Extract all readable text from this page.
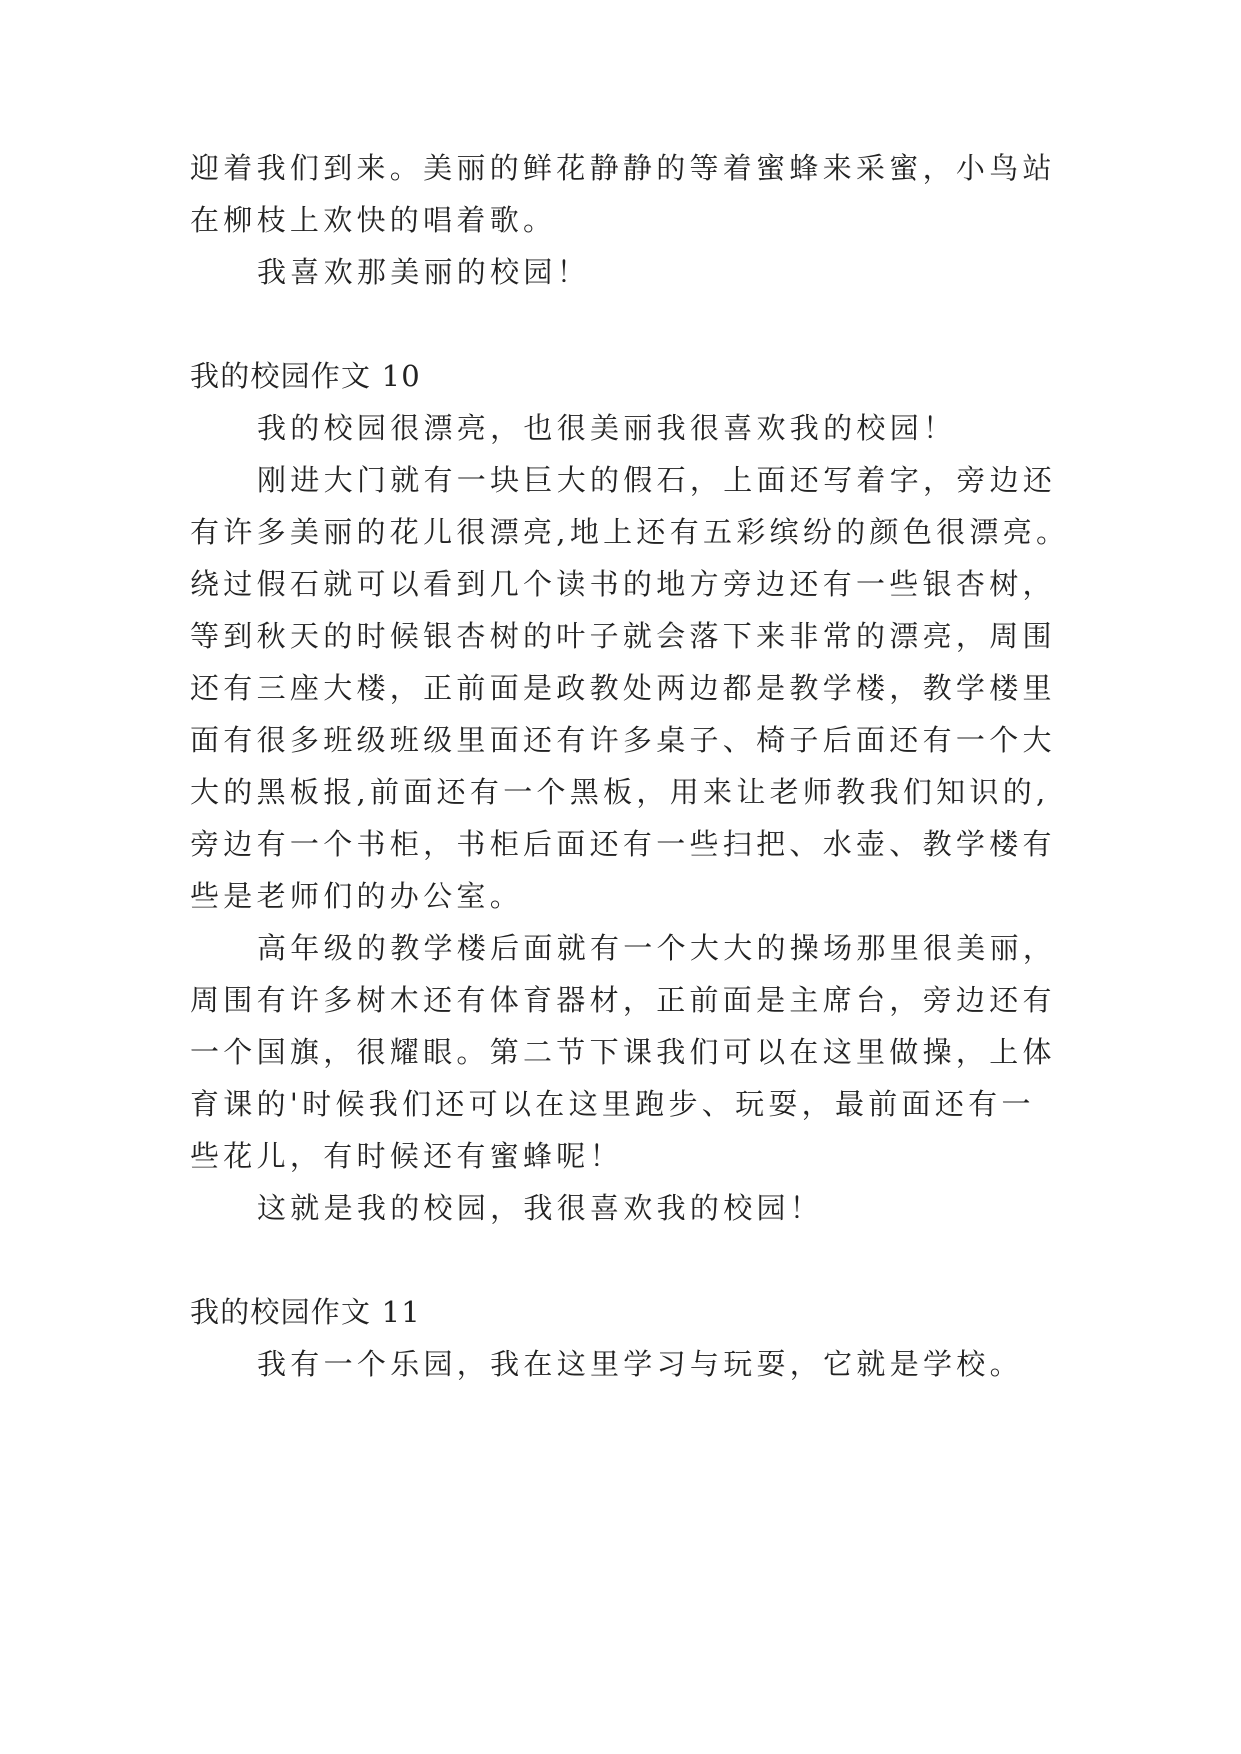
迎着我们到来。美丽的鲜花静静的等着蜜蜂来采蜜，小鸟站
在柳枝上欢快的唱着歌。
我喜欢那美丽的校园！
我的校园作文 10
我的校园很漂亮，也很美丽我很喜欢我的校园！
刚进大门就有一块巨大的假石，上面还写着字，旁边还
有许多美丽的花儿很漂亮,地上还有五彩缤纷的颜色很漂亮。
绕过假石就可以看到几个读书的地方旁边还有一些银杏树，
等到秋天的时候银杏树的叶子就会落下来非常的漂亮，周围
还有三座大楼，正前面是政教处两边都是教学楼，教学楼里
面有很多班级班级里面还有许多桌子、椅子后面还有一个大
大的黑板报,前面还有一个黑板，用来让老师教我们知识的,
旁边有一个书柜，书柜后面还有一些扫把、水壶、教学楼有
些是老师们的办公室。
高年级的教学楼后面就有一个大大的操场那里很美丽，
周围有许多树木还有体育器材，正前面是主席台，旁边还有
一个国旗，很耀眼。第二节下课我们可以在这里做操，上体
育课的'时候我们还可以在这里跑步、玩耍，最前面还有一
些花儿，有时候还有蜜蜂呢！
这就是我的校园，我很喜欢我的校园！
我的校园作文 11
我有一个乐园，我在这里学习与玩耍，它就是学校。
